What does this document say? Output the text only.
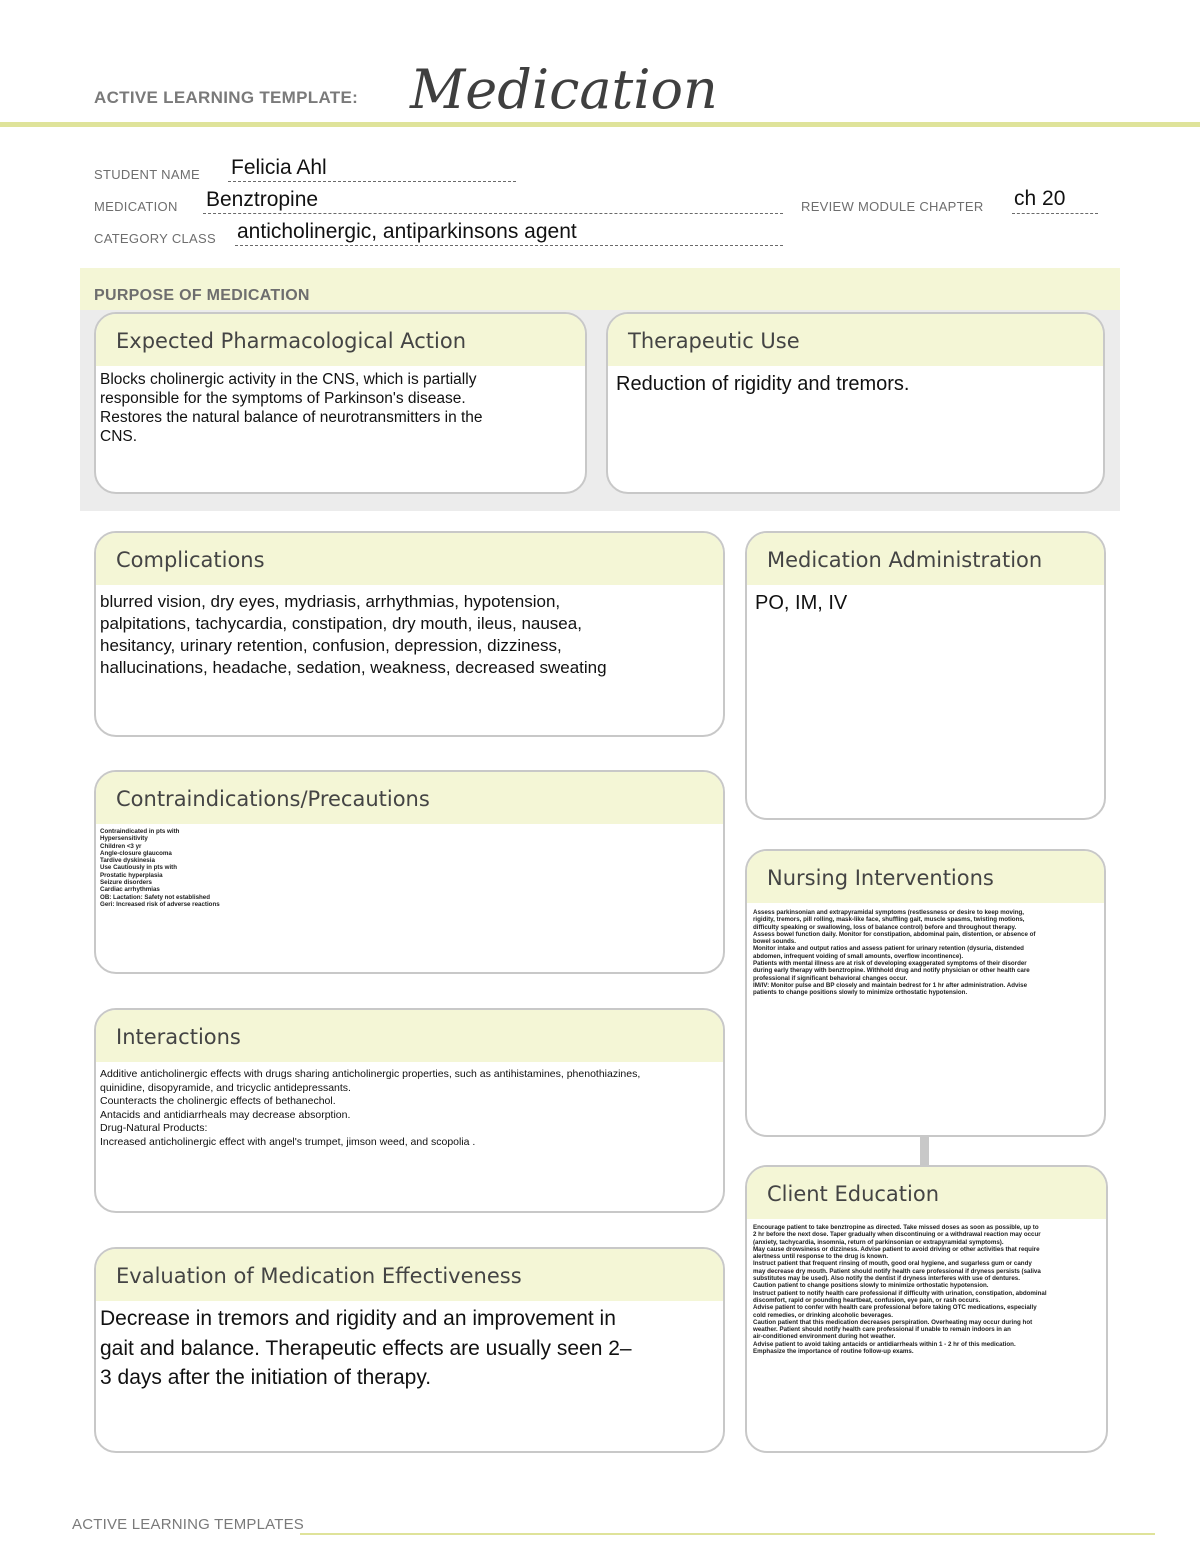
ACTIVE LEARNING TEMPLATE: Medication
STUDENT NAME Felicia Ahl
MEDICATION Benztropine	REVIEW MODULE CHAPTER ch 20
CATEGORY CLASS anticholinergic, antiparkinsons agent
PURPOSE OF MEDICATION
Expected Pharmacological Action
Blocks cholinergic activity in the CNS, which is partially
responsible for the symptoms of Parkinson's disease.
Restores the natural balance of neurotransmitters in the
CNS.
Therapeutic Use
Reduction of rigidity and tremors.
Complications
blurred vision, dry eyes, mydriasis, arrhythmias, hypotension,
palpitations, tachycardia, constipation, dry mouth, ileus, nausea,
hesitancy, urinary retention, confusion, depression, dizziness,
hallucinations, headache, sedation, weakness, decreased sweating
Medication Administration
PO, IM, IV
Contraindications/Precautions
Contraindicated in pts with
Hypersensitivity
Children <3 yr
Angle-closure glaucoma
Tardive dyskinesia
Use Cautiously in pts with
Prostatic hyperplasia
Seizure disorders
Cardiac arrhythmias
OB: Lactation: Safety not established
Geri: Increased risk of adverse reactions
Nursing Interventions
Assess parkinsonian and extrapyramidal symptoms (restlessness or desire to keep moving,
rigidity, tremors, pill rolling, mask-like face, shuffling gait, muscle spasms, twisting motions,
difficulty speaking or swallowing, loss of balance control) before and throughout therapy.
Assess bowel function daily. Monitor for constipation, abdominal pain, distention, or absence of
bowel sounds.
Monitor intake and output ratios and assess patient for urinary retention (dysuria, distended
abdomen, infrequent voiding of small amounts, overflow incontinence).
Patients with mental illness are at risk of developing exaggerated symptoms of their disorder
during early therapy with benztropine. Withhold drug and notify physician or other health care
professional if significant behavioral changes occur.
IM/IV: Monitor pulse and BP closely and maintain bedrest for 1 hr after administration. Advise
patients to change positions slowly to minimize orthostatic hypotension.
Interactions
Additive anticholinergic effects with drugs sharing anticholinergic properties, such as antihistamines, phenothiazines,
quinidine, disopyramide, and tricyclic antidepressants.
Counteracts the cholinergic effects of bethanechol.
Antacids and antidiarrheals may decrease absorption.
Drug-Natural Products:
Increased anticholinergic effect with angel's trumpet, jimson weed, and scopolia .
Client Education
Encourage patient to take benztropine as directed. Take missed doses as soon as possible, up to
2 hr before the next dose. Taper gradually when discontinuing or a withdrawal reaction may occur
(anxiety, tachycardia, insomnia, return of parkinsonian or extrapyramidal symptoms).
May cause drowsiness or dizziness. Advise patient to avoid driving or other activities that require
alertness until response to the drug is known.
Instruct patient that frequent rinsing of mouth, good oral hygiene, and sugarless gum or candy
may decrease dry mouth. Patient should notify health care professional if dryness persists (saliva
substitutes may be used). Also notify the dentist if dryness interferes with use of dentures.
Caution patient to change positions slowly to minimize orthostatic hypotension.
Instruct patient to notify health care professional if difficulty with urination, constipation, abdominal
discomfort, rapid or pounding heartbeat, confusion, eye pain, or rash occurs.
Advise patient to confer with health care professional before taking OTC medications, especially
cold remedies, or drinking alcoholic beverages.
Caution patient that this medication decreases perspiration. Overheating may occur during hot
weather. Patient should notify health care professional if unable to remain indoors in an
air-conditioned environment during hot weather.
Advise patient to avoid taking antacids or antidiarrheals within 1 - 2 hr of this medication.
Emphasize the importance of routine follow-up exams.
Evaluation of Medication Effectiveness
Decrease in tremors and rigidity and an improvement in
gait and balance. Therapeutic effects are usually seen 2–
3 days after the initiation of therapy.
ACTIVE LEARNING TEMPLATES
